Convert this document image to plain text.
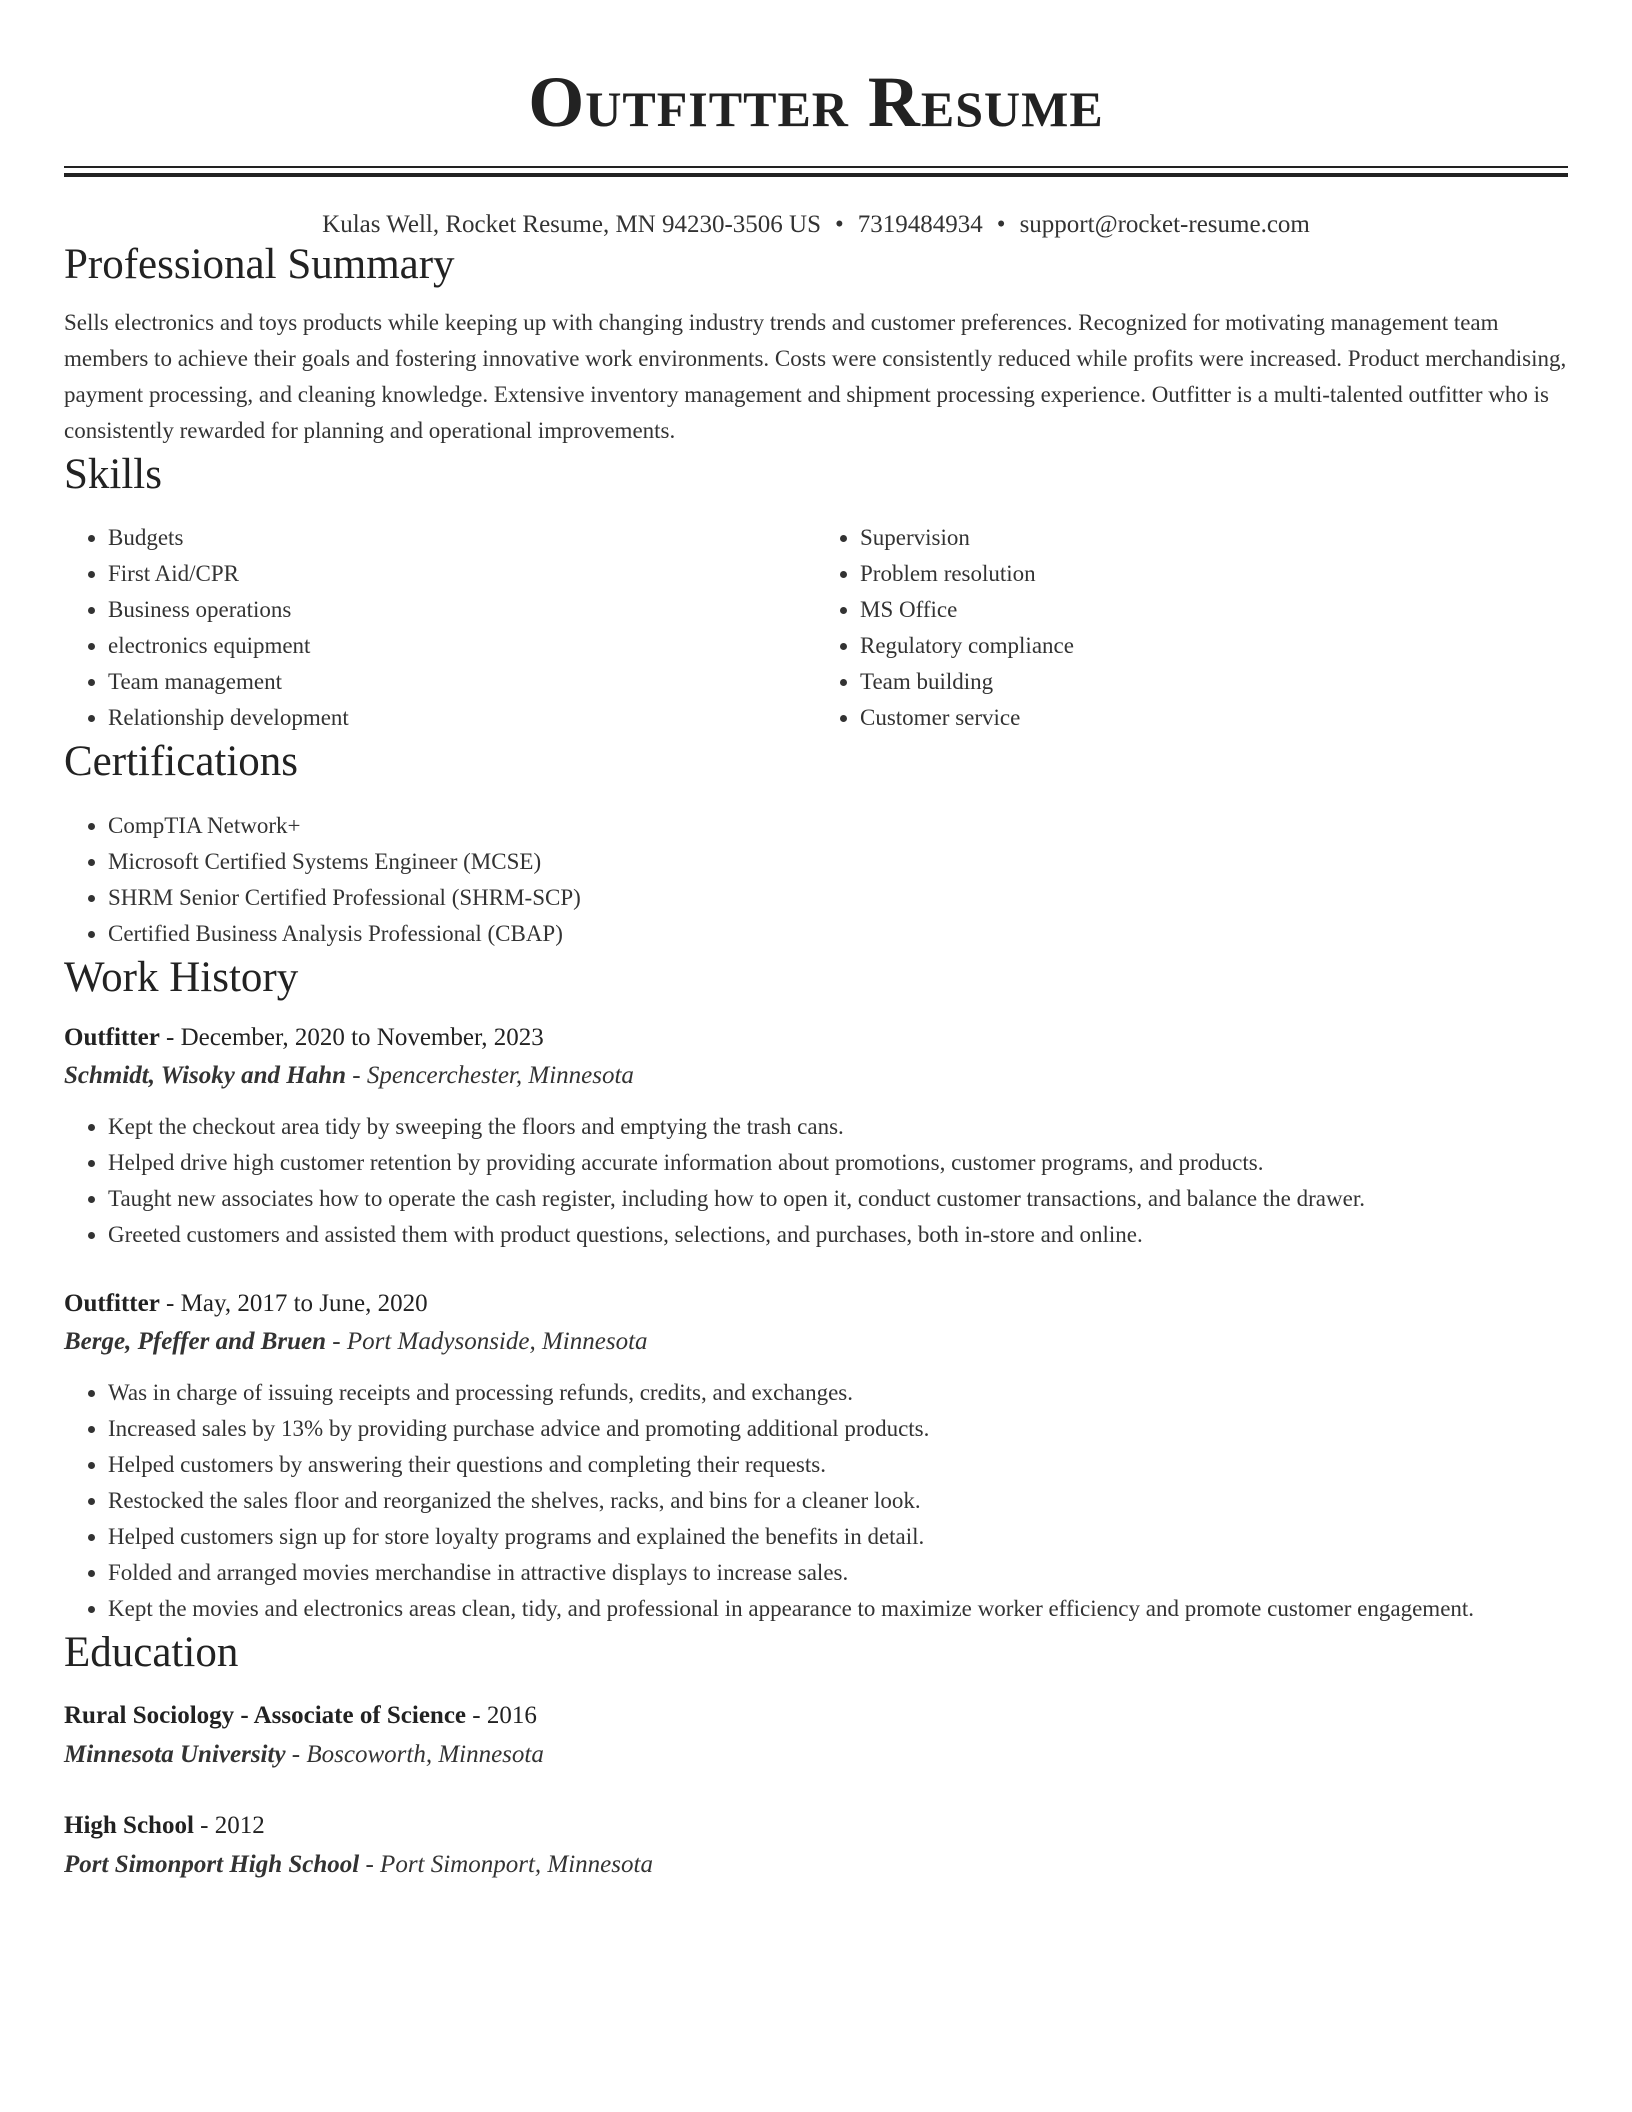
Outfitter Resume
Kulas Well, Rocket Resume, MN 94230-3506 US • 7319484934 • support@rocket-resume.com
Professional Summary

Sells electronics and toys products while keeping up with changing industry trends and customer preferences. Recognized for motivating management team members to achieve their goals and fostering innovative work environments. Costs were consistently reduced while profits were increased. Product merchandising, payment processing, and cleaning knowledge. Extensive inventory management and shipment processing experience. Outfitter is a multi-talented outfitter who is consistently rewarded for planning and operational improvements.

Skills
• Budgets
• First Aid/CPR
• Business operations
• electronics equipment
• Team management
• Relationship development
• Supervision
• Problem resolution
• MS Office
• Regulatory compliance
• Team building
• Customer service
Certifications
• CompTIA Network+
• Microsoft Certified Systems Engineer (MCSE)
• SHRM Senior Certified Professional (SHRM-SCP)
• Certified Business Analysis Professional (CBAP)
Work History
Outfitter - December, 2020 to November, 2023
Schmidt, Wisoky and Hahn - Spencerchester, Minnesota
• Kept the checkout area tidy by sweeping the floors and emptying the trash cans.
• Helped drive high customer retention by providing accurate information about promotions, customer programs, and products.
• Taught new associates how to operate the cash register, including how to open it, conduct customer transactions, and balance the drawer.
• Greeted customers and assisted them with product questions, selections, and purchases, both in-store and online.
Outfitter - May, 2017 to June, 2020
Berge, Pfeffer and Bruen - Port Madysonside, Minnesota
• Was in charge of issuing receipts and processing refunds, credits, and exchanges.
• Increased sales by 13% by providing purchase advice and promoting additional products.
• Helped customers by answering their questions and completing their requests.
• Restocked the sales floor and reorganized the shelves, racks, and bins for a cleaner look.
• Helped customers sign up for store loyalty programs and explained the benefits in detail.
• Folded and arranged movies merchandise in attractive displays to increase sales.
• Kept the movies and electronics areas clean, tidy, and professional in appearance to maximize worker efficiency and promote customer engagement.
Education
Rural Sociology - Associate of Science - 2016
Minnesota University - Boscoworth, Minnesota
High School - 2012
Port Simonport High School - Port Simonport, Minnesota
